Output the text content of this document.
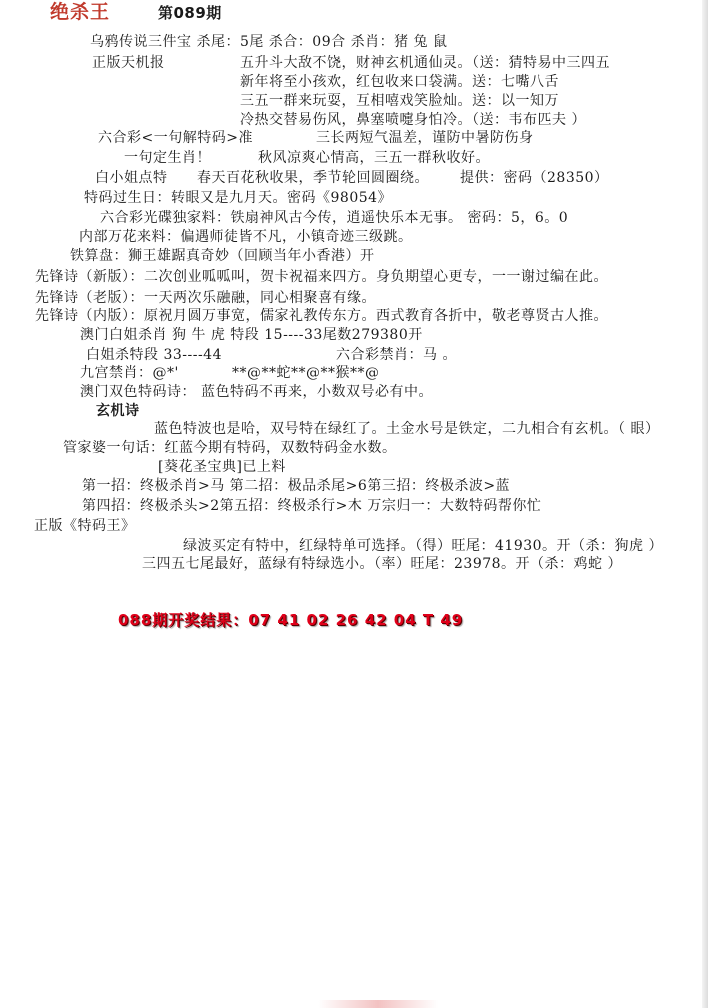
绝杀王	第089期
乌鸦传说三件宝 杀尾：5尾 杀合：09合 杀肖：猪 兔 鼠
正版天机报	五升斗大敌不饶，财神玄机通仙灵。（送：猜特易中三四五
新年将至小孩欢，红包收来口袋满。送：七嘴八舌
三五一群来玩耍，互相嘻戏笑脸灿。送：以一知万
冷热交替易伤风，鼻塞喷嚏身怕冷。（送：韦布匹夫 ）
六合彩<一句解特码>准	三长两短气温差，谨防中暑防伤身
一句定生肖！	秋风凉爽心情高，三五一群秋收好。
白小姐点特 春天百花秋收果，季节轮回圆圈绕。 提供：密码（28350）
特码过生日：转眼又是九月天。密码《98054》
六合彩光碟独家料：铁扇神风古今传，逍遥快乐本无事。 密码：5，6。0
内部万花来料：偏遇师徒皆不凡，小镇奇迹三级跳。
铁算盘：狮王雄踞真奇妙（回顾当年小香港）开
先锋诗（新版）：二次创业呱呱叫，贺卡祝福来四方。身负期望心更专，一一谢过编在此。
先锋诗（老版）：一天两次乐融融，同心相聚喜有缘。
先锋诗（内版）：原祝月圆万事宽，儒家礼教传东方。西式教育各折中，敬老尊贤古人推。
澳门白姐杀肖 狗 牛 虎 特段 15----33尾数279380开
白姐杀特段 33----44	六合彩禁肖：马 。
九宫禁肖：@*'	**@**蛇**@**猴**@
澳门双色特码诗： 蓝色特码不再来，小数双号必有中。
玄机诗
蓝色特波也是哈，双号特在绿红了。土金水号是铁定，二九相合有玄机。（ 眼）
管家婆一句话：红蓝今期有特码，双数特码金水数。
[葵花圣宝典]已上料
第一招：终极杀肖>马 第二招：极品杀尾>6第三招：终极杀波>蓝
第四招：终极杀头>2第五招：终极杀行>木 万宗归一：大数特码帮你忙
正版《特码王》
绿波买定有特中，红绿特单可选择。（得）旺尾：41930。开（杀：狗虎 ）
三四五七尾最好，蓝绿有特绿选小。（率）旺尾：23978。开（杀：鸡蛇 ）
088期开奖结果：07 41 02 26 42 04 T 49
